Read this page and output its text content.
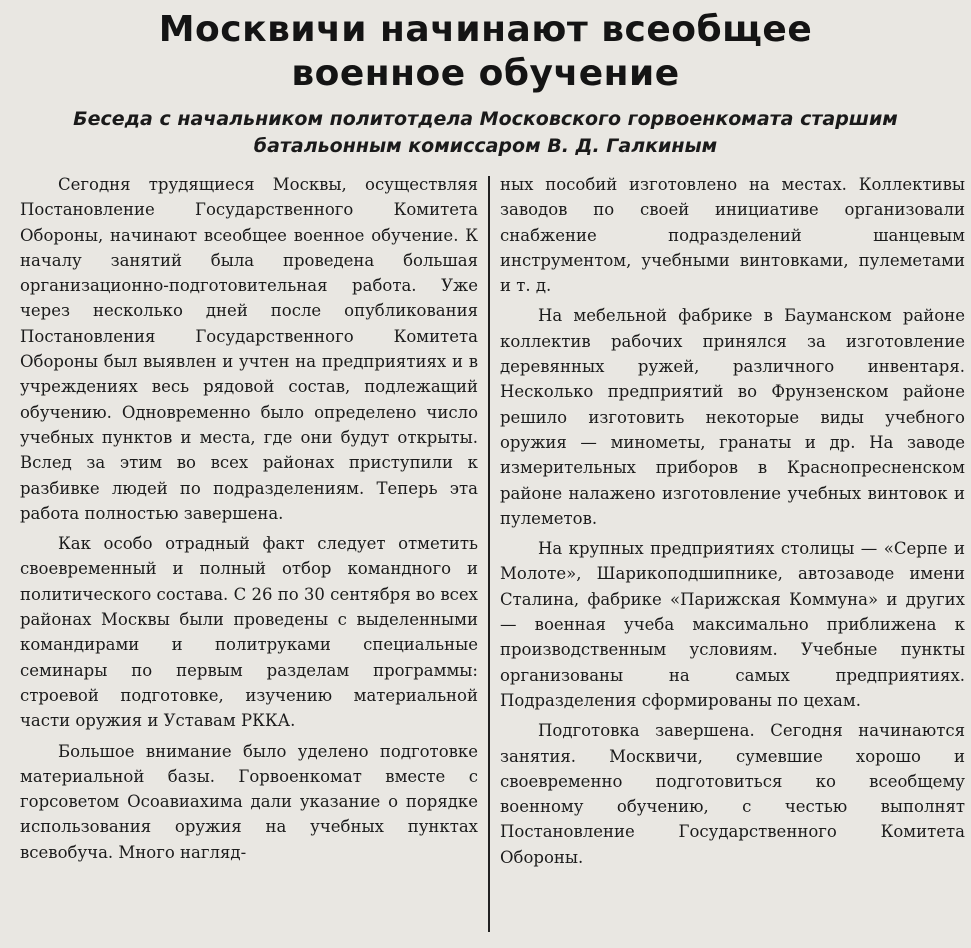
Москвичи начинают всеобщее
военное обучение
Беседа с начальником политотдела Московского горвоенкомата старшим
батальонным комиссаром В. Д. Галкиным

Сегодня трудящиеся Москвы, осуществляя Постановление Государственного Комитета Обороны, начинают всеобщее военное обучение. К началу занятий была проведена большая организационно-подготовительная работа. Уже через несколько дней после опубликования Постановления Государственного Комитета Обороны был выявлен и учтен на предприятиях и в учреждениях весь рядовой состав, подлежащий обучению. Одновременно было определено число учебных пунктов и места, где они будут открыты. Вслед за этим во всех районах приступили к разбивке людей по подразделениям. Теперь эта работа полностью завершена.

Как особо отрадный факт следует отметить своевременный и полный отбор командного и политического состава. С 26 по 30 сентября во всех районах Москвы были проведены с выделенными командирами и политруками специальные семинары по первым разделам программы: строевой подготовке, изучению материальной части оружия и Уставам РККА.

Большое внимание было уделено подготовке материальной базы. Горвоенкомат вместе с горсоветом Осоавиахима дали указание о порядке использования оружия на учебных пунктах всевобуча. Много нагляд-

ных пособий изготовлено на местах. Коллективы заводов по своей инициативе организовали снабжение подразделений шанцевым инструментом, учебными винтовками, пулеметами и т. д.

На мебельной фабрике в Бауманском районе коллектив рабочих принялся за изготовление деревянных ружей, различного инвентаря. Несколько предприятий во Фрунзенском районе решило изготовить некоторые виды учебного оружия — минометы, гранаты и др. На заводе измерительных приборов в Краснопресненском районе налажено изготовление учебных винтовок и пулеметов.

На крупных предприятиях столицы — «Серпе и Молоте», Шарикоподшипнике, автозаводе имени Сталина, фабрике «Парижская Коммуна» и других — военная учеба максимально приближена к производственным условиям. Учебные пункты организованы на самых предприятиях. Подразделения сформированы по цехам.

Подготовка завершена. Сегодня начинаются занятия. Москвичи, сумевшие хорошо и своевременно подготовиться ко всеобщему военному обучению, с честью выполнят Постановление Государственного Комитета Обороны.
